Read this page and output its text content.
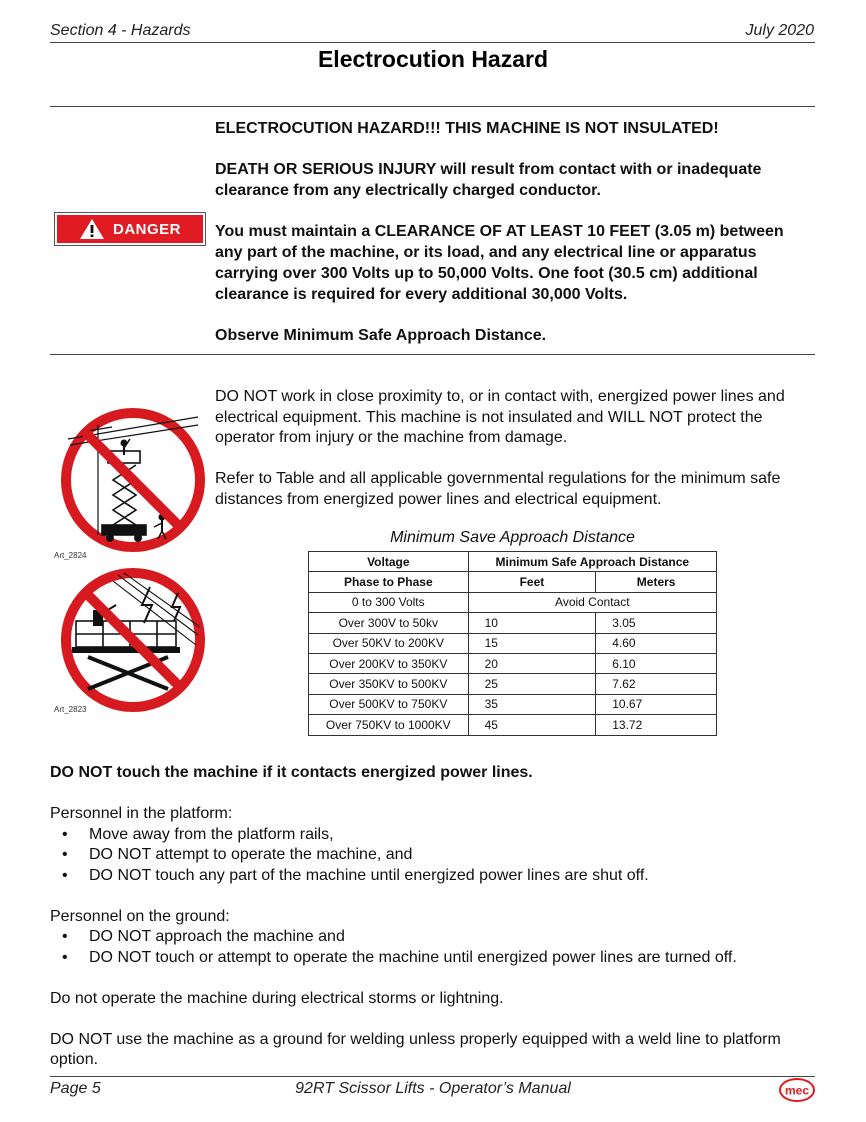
Section 4 - Hazards	July 2020
Electrocution Hazard
DANGER

ELECTROCUTION HAZARD!!! THIS MACHINE IS NOT INSULATED!

DEATH OR SERIOUS INJURY will result from contact with or inadequate clearance from any electrically charged conductor.

You must maintain a CLEARANCE OF AT LEAST 10 FEET (3.05 m) between any part of the machine, or its load, and any electrical line or apparatus carrying over 300 Volts up to 50,000 Volts. One foot (30.5 cm) additional clearance is required for every additional 30,000 Volts.

Observe Minimum Safe Approach Distance.

DO NOT work in close proximity to, or in contact with, energized power lines and electrical equipment. This machine is not insulated and WILL NOT protect the operator from injury or the machine from damage.

Refer to Table and all applicable governmental regulations for the minimum safe distances from energized power lines and electrical equipment.

Art_2824
Art_2823
Minimum Save Approach Distance
Voltage	Minimum Safe Approach Distance	
Phase to Phase	Feet	Meters
0 to 300 Volts	Avoid Contact	
Over 300V to 50kv	10	3.05
Over 50KV to 200KV	15	4.60
Over 200KV to 350KV	20	6.10
Over 350KV to 500KV	25	7.62
Over 500KV to 750KV	35	10.67
Over 750KV to 1000KV	45	13.72

DO NOT touch the machine if it contacts energized power lines.

Personnel in the platform:

• Move away from the platform rails,
• DO NOT attempt to operate the machine, and
• DO NOT touch any part of the machine until energized power lines are shut off.

Personnel on the ground:

• DO NOT approach the machine and
• DO NOT touch or attempt to operate the machine until energized power lines are turned off.

Do not operate the machine during electrical storms or lightning.

DO NOT use the machine as a ground for welding unless properly equipped with a weld line to platform option.

Page 5	92RT Scissor Lifts - Operator’s Manual	mec
